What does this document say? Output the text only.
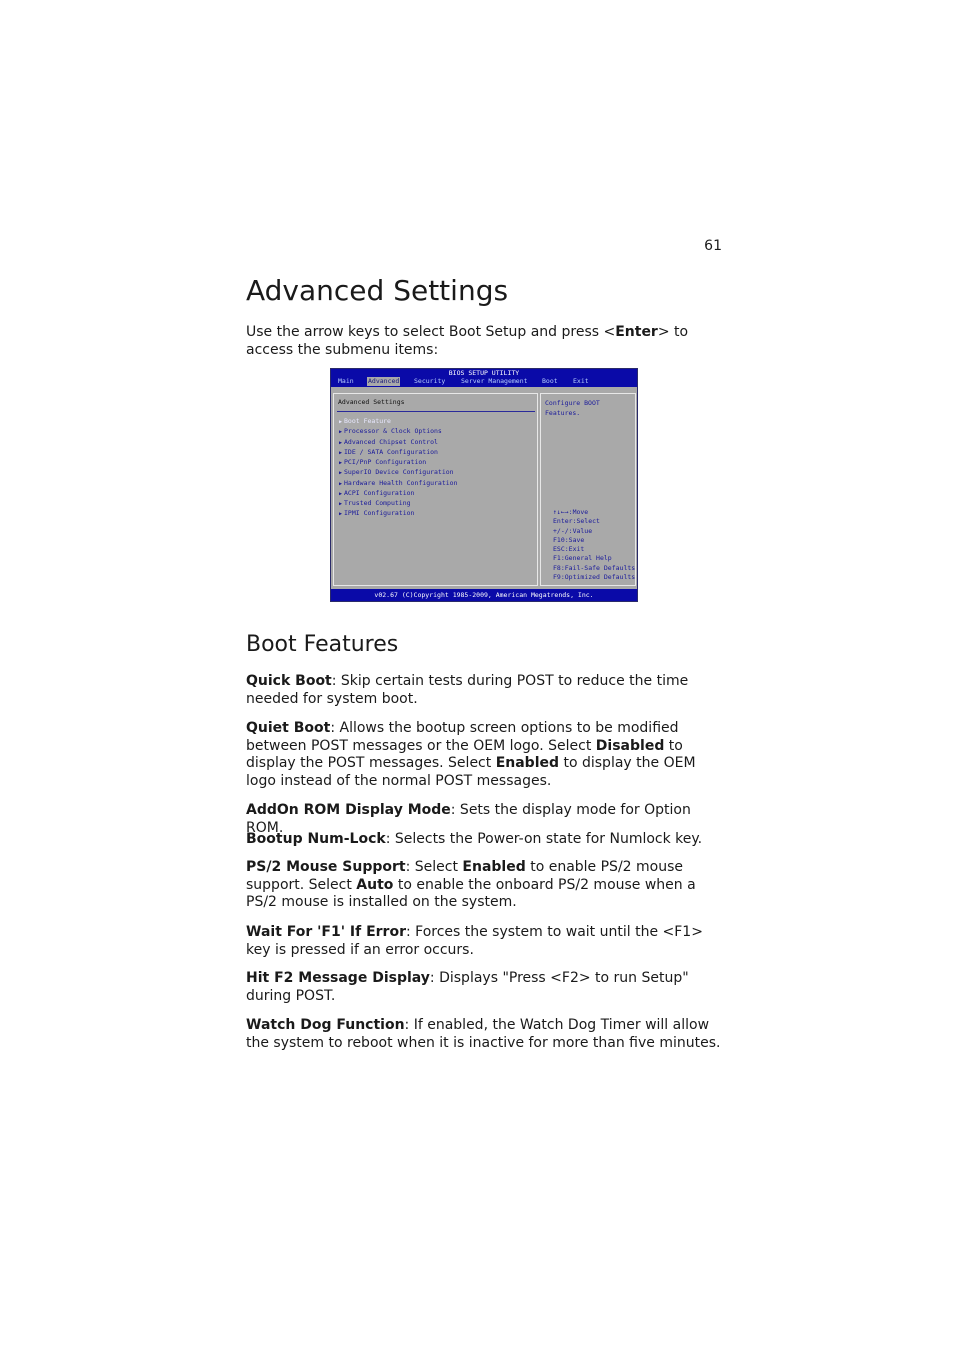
61
Advanced Settings

Use the arrow keys to select Boot Setup and press <Enter> to access the submenu items:

BIOS SETUP UTILITY
Main Advanced Security Server Management Boot Exit
Advanced Settings
▶ Boot Feature
▶ Processor & Clock Options
▶ Advanced Chipset Control
▶ IDE / SATA Configuration
▶ PCI/PnP Configuration
▶ SuperIO Device Configuration
▶ Hardware Health Configuration
▶ ACPI Configuration
▶ Trusted Computing
▶ IPMI Configuration
Configure BOOT
Features.
↑↓←→:Move
Enter:Select
+/-/:Value
F10:Save
ESC:Exit
F1:General Help
F8:Fail-Safe Defaults
F9:Optimized Defaults
v02.67 (C)Copyright 1985-2009, American Megatrends, Inc.
Boot Features

Quick Boot: Skip certain tests during POST to reduce the time needed for system boot.

Quiet Boot: Allows the bootup screen options to be modified between POST messages or the OEM logo. Select Disabled to display the POST messages. Select Enabled to display the OEM logo instead of the normal POST messages.

AddOn ROM Display Mode: Sets the display mode for Option ROM.

Bootup Num-Lock: Selects the Power-on state for Numlock key.

PS/2 Mouse Support: Select Enabled to enable PS/2 mouse support. Select Auto to enable the onboard PS/2 mouse when a PS/2 mouse is installed on the system.

Wait For 'F1' If Error: Forces the system to wait until the <F1> key is pressed if an error occurs.

Hit F2 Message Display: Displays "Press <F2> to run Setup" during POST.

Watch Dog Function: If enabled, the Watch Dog Timer will allow the system to reboot when it is inactive for more than five minutes.
